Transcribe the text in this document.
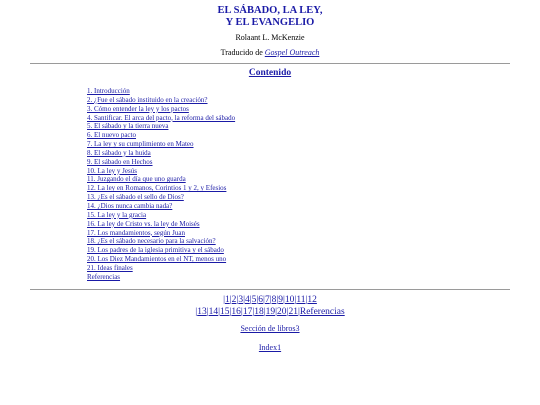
EL SÁBADO, LA LEY,
Y EL EVANGELIO
Rolaant L. McKenzie
Traducido de Gospel Outreach
Contenido
1. Introducción
2. ¿Fue el sábado instituido en la creación?
3. Cómo entender la ley y los pactos
4. Santificar. El arca del pacto, la reforma del sábado
5. El sábado y la tierra nueva
6. El nuevo pacto
7. La ley y su cumplimiento en Mateo
8. El sábado y la huida
9. El sábado en Hechos
10. La ley y Jesús
11. Juzgando el día que uno guarda
12. La ley en Romanos, Corintios 1 y 2, y Efesios
13. ¿Es el sábado el sello de Dios?
14. ¿Dios nunca cambia nada?
15. La ley y la gracia
16. La ley de Cristo vs. la ley de Moisés
17. Los mandamientos, según Juan
18. ¿Es el sábado necesario para la salvación?
19. Los padres de la iglesia primitiva y el sábado
20. Los Diez Mandamientos en el NT, menos uno
21. Ideas finales
Referencias
|1|2|3|4|5|6|7|8|9|10|11|12
|13|14|15|16|17|18|19|20|21|Referencias
Sección de libros3
Index1
